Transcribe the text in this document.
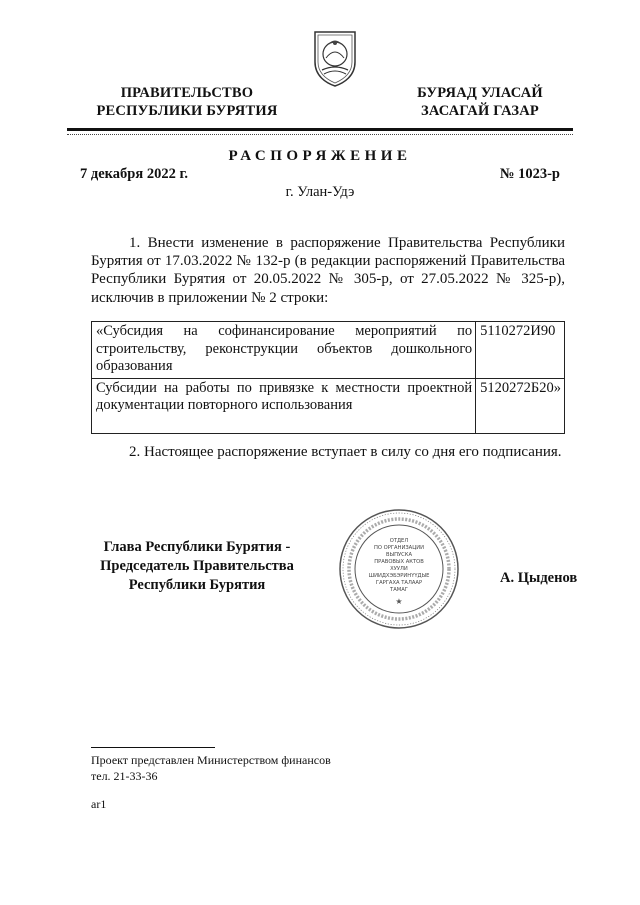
ПРАВИТЕЛЬСТВО
РЕСПУБЛИКИ БУРЯТИЯ
БУРЯАД УЛАСАЙ
ЗАСАГАЙ ГАЗАР
РАСПОРЯЖЕНИЕ
7 декабря 2022 г.	№ 1023-р
г. Улан-Удэ
1. Внести изменение в распоряжение Правительства Республики Бурятия от 17.03.2022 № 132-р (в редакции распоряжений Правительства Республики Бурятия от 20.05.2022 № 305-р, от 27.05.2022 № 325-р), исключив в приложении № 2 строки:
«Субсидия на софинансирование мероприятий по строительству, реконструкции объектов дошкольного образования	5110272И90
Субсидии на работы по привязке к местности проектной документации повторного использования	5120272Б20»
2. Настоящее распоряжение вступает в силу со дня его подписания.
Глава Республики Бурятия -
Председатель Правительства
Республики Бурятия	А. Цыденов
ОТДЕЛ
ПО ОРГАНИЗАЦИИ
ВЫПУСКА
ПРАВОВЫХ АКТОВ
ХУУЛИ
ШИИДХЭБЭРИНҮҮДЫЕ
ГАРГАХА ТАЛААР
ТАМАГ
★
Проект представлен Министерством финансов
тел. 21-33-36
ar1
